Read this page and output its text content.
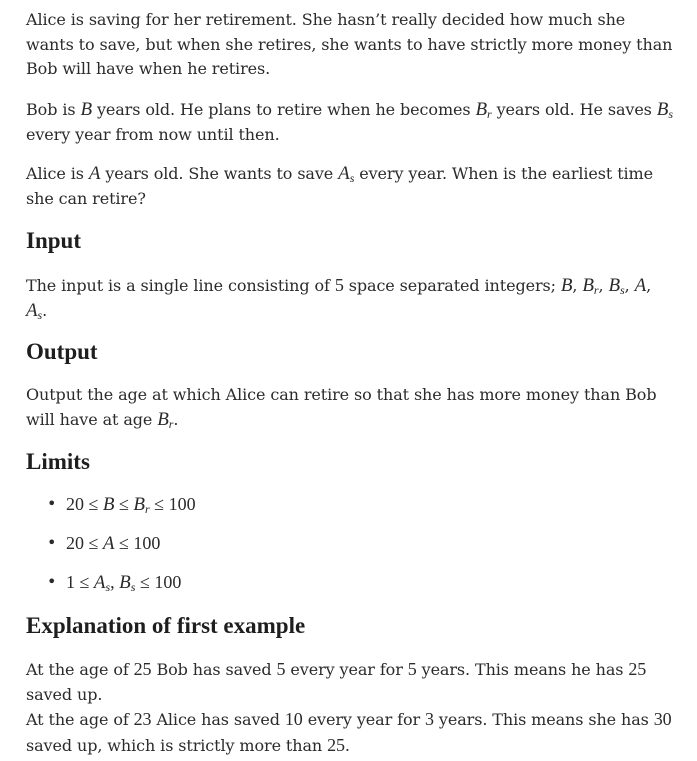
Alice is saving for her retirement. She hasn’t really decided how much she wants to save, but when she retires, she wants to have strictly more money than Bob will have when he retires.

Bob is B years old. He plans to retire when he becomes $B_r$ years old. He saves $B_s$ every year from now until then.

Alice is A years old. She wants to save $A_s$ every year. When is the earliest time she can retire?

Input

The input is a single line consisting of 5 space separated integers; B, $B_r$, $B_s$, A, $A_s$.

Output

Output the age at which Alice can retire so that she has more money than Bob will have at age $B_r$.

Limits
• $20 \le B \le B_r \le 100$
• 20 ≤ A ≤ 100
• $1 \le A_s$, $B_s \le 100$
Explanation of first example

At the age of 25 Bob has saved 5 every year for 5 years. This means he has 25 saved up.
At the age of 23 Alice has saved 10 every year for 3 years. This means she has 30 saved up, which is strictly more than 25.
